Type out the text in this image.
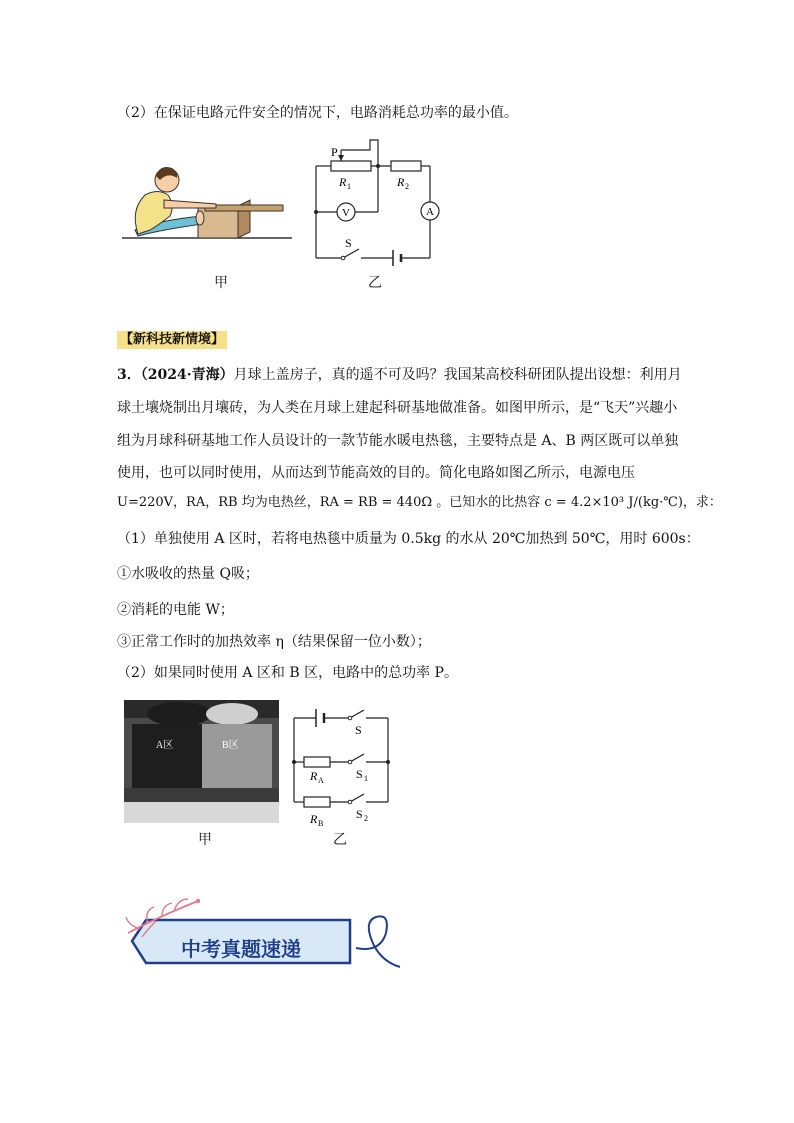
（2）在保证电路元件安全的情况下，电路消耗总功率的最小值。
甲
P
R 1	R 2
V	A
S
乙
【新科技新情境】
3．（2024·青海）月球上盖房子，真的遥不可及吗？我国某高校科研团队提出设想：利用月
球土壤烧制出月壤砖，为人类在月球上建起科研基地做准备。如图甲所示，是“飞天”兴趣小
组为月球科研基地工作人员设计的一款节能水暖电热毯，主要特点是 A、B 两区既可以单独
使用，也可以同时使用，从而达到节能高效的目的。简化电路如图乙所示，电源电压
U=220V，RA，RB 均为电热丝，RA = RB = 440Ω 。已知水的比热容 c = 4.2×10³ J/(kg·℃)，求：
（1）单独使用 A 区时，若将电热毯中质量为 0.5kg 的水从 20℃加热到 50℃，用时 600s：
①水吸收的热量 Q吸；
②消耗的电能 W；
③正常工作时的加热效率 η（结果保留一位小数）；
（2）如果同时使用 A 区和 B 区，电路中的总功率 P。
A区	B区
甲
S
R A	S 1
R B
S 2
乙
中考真题速递
